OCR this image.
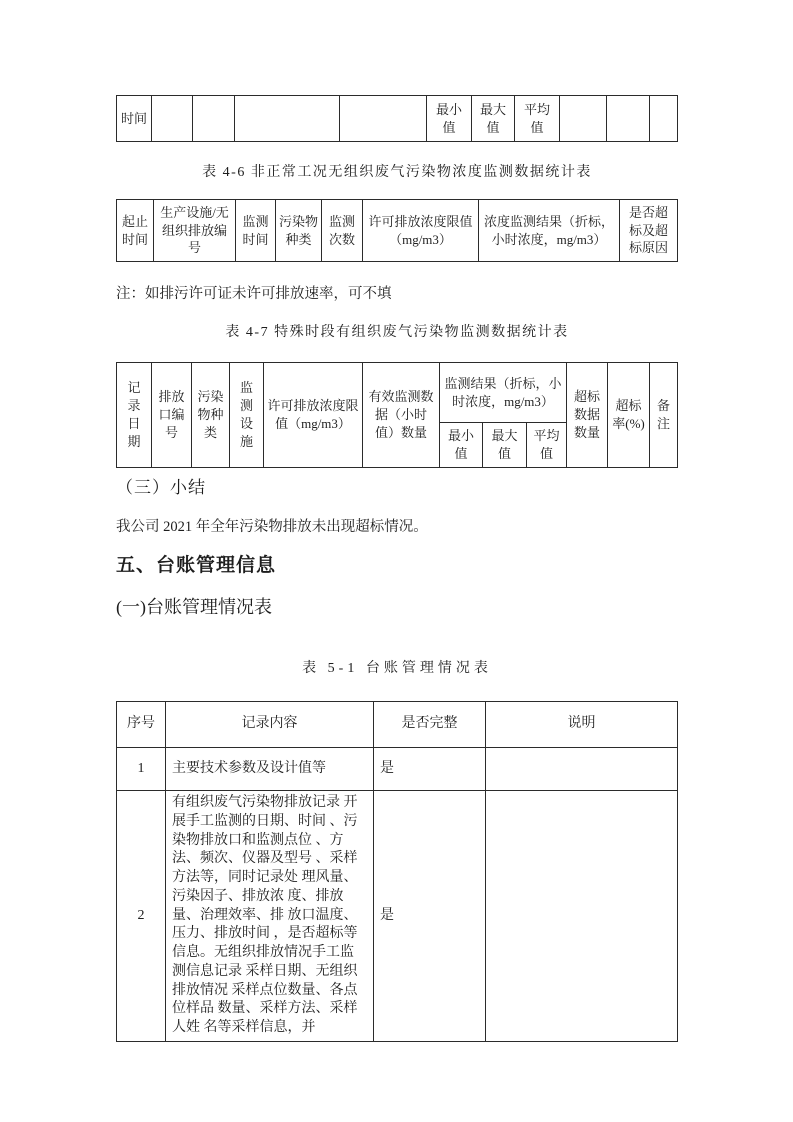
时间					最小值	最大值	平均值			
表 4-6 非正常工况无组织废气污染物浓度监测数据统计表
起止时间	生产设施/无组织排放编号	监测时间	污染物种类	监测次数	许可排放浓度限值（mg/m3）	浓度监测结果（折标，小时浓度，mg/m3）	是否超标及超标原因
注：如排污许可证未许可排放速率，可不填
表 4-7 特殊时段有组织废气污染物监测数据统计表
记录日期	排放口编号	污染物种类	监测设施	许可排放浓度限值（mg/m3）	有效监测数据（小时值）数量	监测结果（折标，小时浓度，mg/m3）			超标数据数量	超标率(%)	备注
						最小值	最大值	平均值			
（三）小结
我公司 2021 年全年污染物排放未出现超标情况。
五、台账管理信息
(一)台账管理情况表
表 5-1 台账管理情况表
序号	记录内容	是否完整	说明
1	主要技术参数及设计值等	是	
2	有组织废气污染物排放记录 开展手工监测的日期、时间 、污染物排放口和监测点位 、方法、频次、仪器及型号 、采样方法等，同时记录处 理风量、污染因子、排放浓 度、排放量、治理效率、排 放口温度、压力、排放时间 ，是否超标等信息。无组织排放情况手工监测信息记录 采样日期、无组织排放情况 采样点位数量、各点位样品 数量、采样方法、采样人姓 名等采样信息，并	是	
